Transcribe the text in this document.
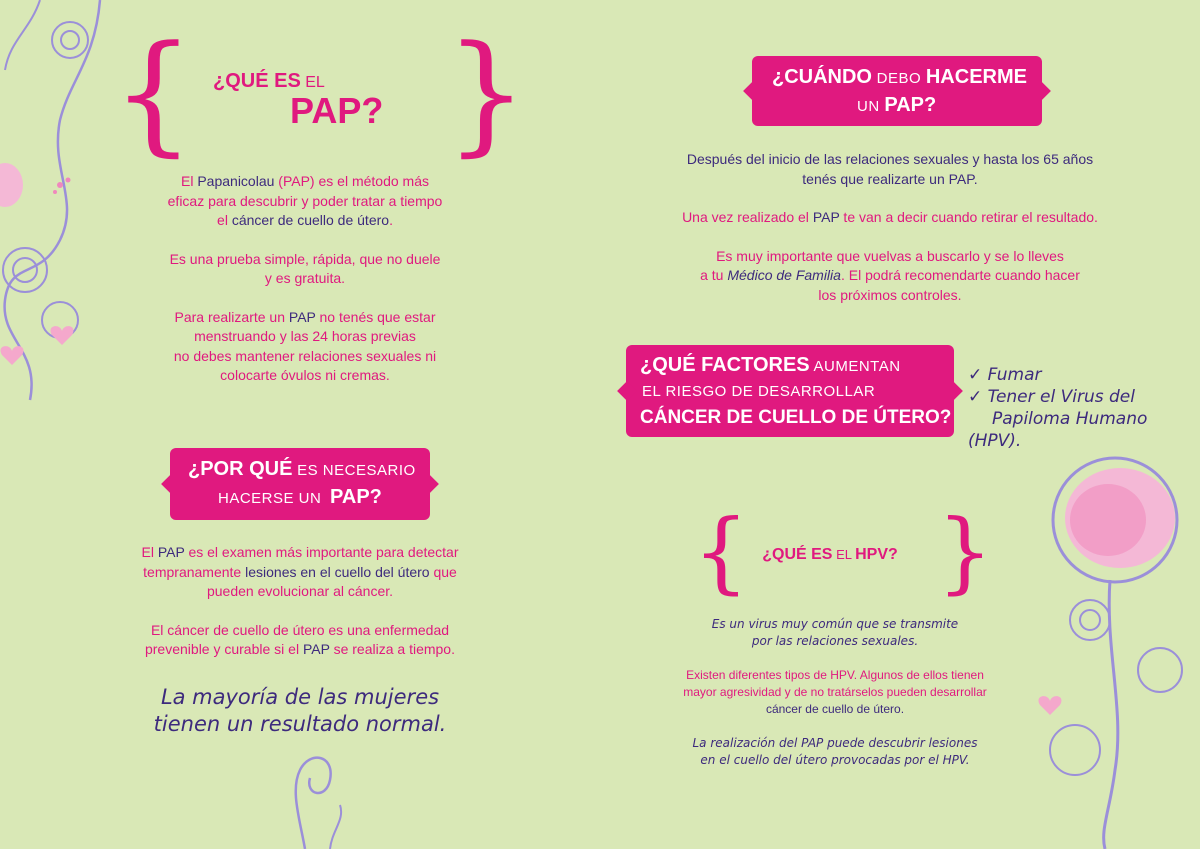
{ }
¿QUÉ ES EL
PAP?
El Papanicolau (PAP) es el método más
eficaz para descubrir y poder tratar a tiempo
el cáncer de cuello de útero.
Es una prueba simple, rápida, que no duele
y es gratuita.
Para realizarte un PAP no tenés que estar
menstruando y las 24 horas previas
no debes mantener relaciones sexuales ni
colocarte óvulos ni cremas.
¿POR QUÉ ES NECESARIO
HACERSE UN PAP?
El PAP es el examen más importante para detectar
tempranamente lesiones en el cuello del útero que
pueden evolucionar al cáncer.
El cáncer de cuello de útero es una enfermedad
prevenible y curable si el PAP se realiza a tiempo.
La mayoría de las mujeres
tienen un resultado normal.
¿CUÁNDO DEBO HACERME
UN PAP?
Después del inicio de las relaciones sexuales y hasta los 65 años
tenés que realizarte un PAP.
Una vez realizado el PAP te van a decir cuando retirar el resultado.
Es muy importante que vuelvas a buscarlo y se lo lleves
a tu Médico de Familia. El podrá recomendarte cuando hacer
los próximos controles.
¿QUÉ FACTORES AUMENTAN
EL RIESGO DE DESARROLLAR
CÁNCER DE CUELLO DE ÚTERO?
✓ Fumar
✓ Tener el Virus del
Papiloma Humano (HPV).
{ }
¿QUÉ ES EL HPV?
Es un virus muy común que se transmite
por las relaciones sexuales.
Existen diferentes tipos de HPV. Algunos de ellos tienen
mayor agresividad y de no tratárselos pueden desarrollar
cáncer de cuello de útero.
La realización del PAP puede descubrir lesiones
en el cuello del útero provocadas por el HPV.
